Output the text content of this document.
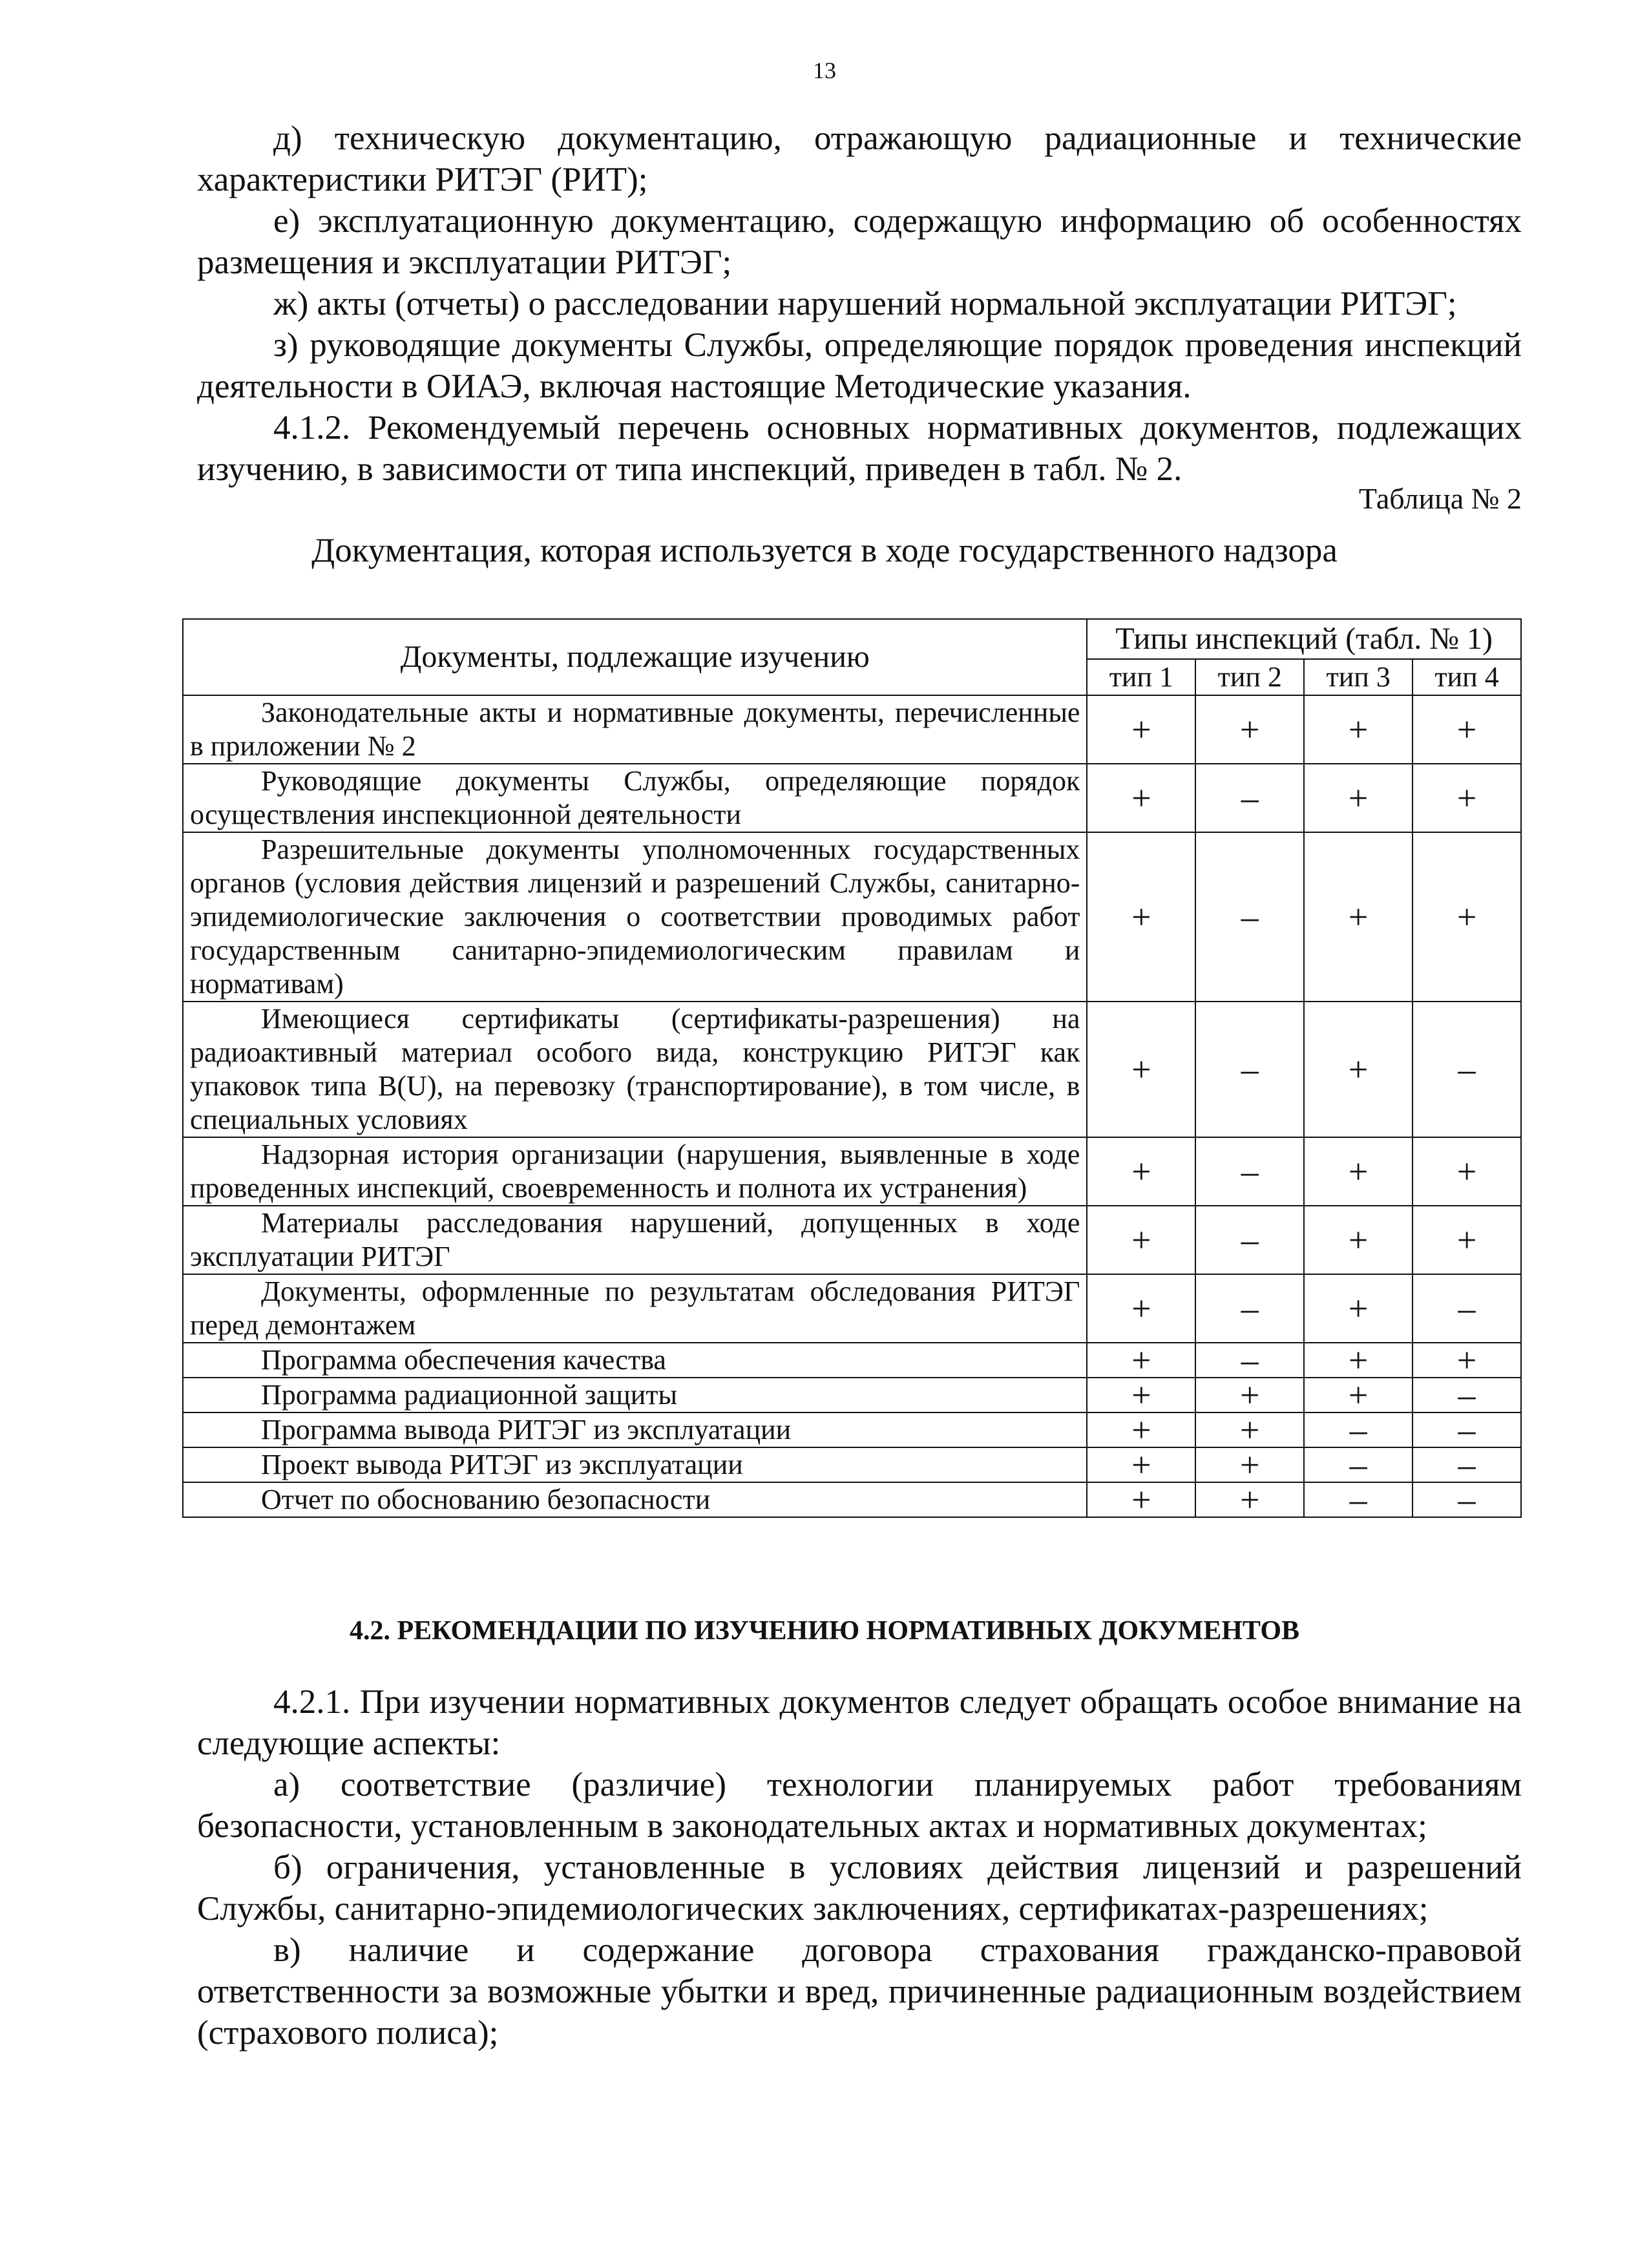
13

д) техническую документацию, отражающую радиационные и технические характеристики РИТЭГ (РИТ);

е) эксплуатационную документацию, содержащую информацию об особенностях размещения и эксплуатации РИТЭГ;

ж) акты (отчеты) о расследовании нарушений нормальной эксплуатации РИТЭГ;

з) руководящие документы Службы, определяющие порядок проведения инспекций деятельности в ОИАЭ, включая настоящие Методические указания.

4.1.2. Рекомендуемый перечень основных нормативных документов, подлежащих изучению, в зависимости от типа инспекций, приведен в табл. № 2.

Таблица № 2
Документация, которая используется в ходе государственного надзора
Документы, подлежащие изучению	Типы инспекций (табл. № 1)			
	тип 1	тип 2	тип 3	тип 4
Законодательные акты и нормативные документы, перечисленные в приложении № 2	+	+	+	+
Руководящие документы Службы, определяющие порядок осуществления инспекционной деятельности	+	–	+	+
Разрешительные документы уполномоченных государственных органов (условия действия лицензий и разрешений Службы, санитарно-эпидемиологические заключения о соответствии проводимых работ государственным санитарно-эпидемиологическим правилам и нормативам)	+	–	+	+
Имеющиеся сертификаты (сертификаты-разрешения) на радиоактивный материал особого вида, конструкцию РИТЭГ как упаковок типа B(U), на перевозку (транспортирование), в том числе, в специальных условиях	+	–	+	–
Надзорная история организации (нарушения, выявленные в ходе проведенных инспекций, своевременность и полнота их устранения)	+	–	+	+
Материалы расследования нарушений, допущенных в ходе эксплуатации РИТЭГ	+	–	+	+
Документы, оформленные по результатам обследования РИТЭГ перед демонтажем	+	–	+	–
Программа обеспечения качества	+	–	+	+
Программа радиационной защиты	+	+	+	–
Программа вывода РИТЭГ из эксплуатации	+	+	–	–
Проект вывода РИТЭГ из эксплуатации	+	+	–	–
Отчет по обоснованию безопасности	+	+	–	–
4.2. РЕКОМЕНДАЦИИ ПО ИЗУЧЕНИЮ НОРМАТИВНЫХ ДОКУМЕНТОВ

4.2.1. При изучении нормативных документов следует обращать особое внимание на следующие аспекты:

а) соответствие (различие) технологии планируемых работ требованиям безопасности, установленным в законодательных актах и нормативных документах;

б) ограничения, установленные в условиях действия лицензий и разрешений Службы, санитарно-эпидемиологических заключениях, сертификатах-разрешениях;

в) наличие и содержание договора страхования гражданско-правовой ответственности за возможные убытки и вред, причиненные радиационным воздействием (страхового полиса);
